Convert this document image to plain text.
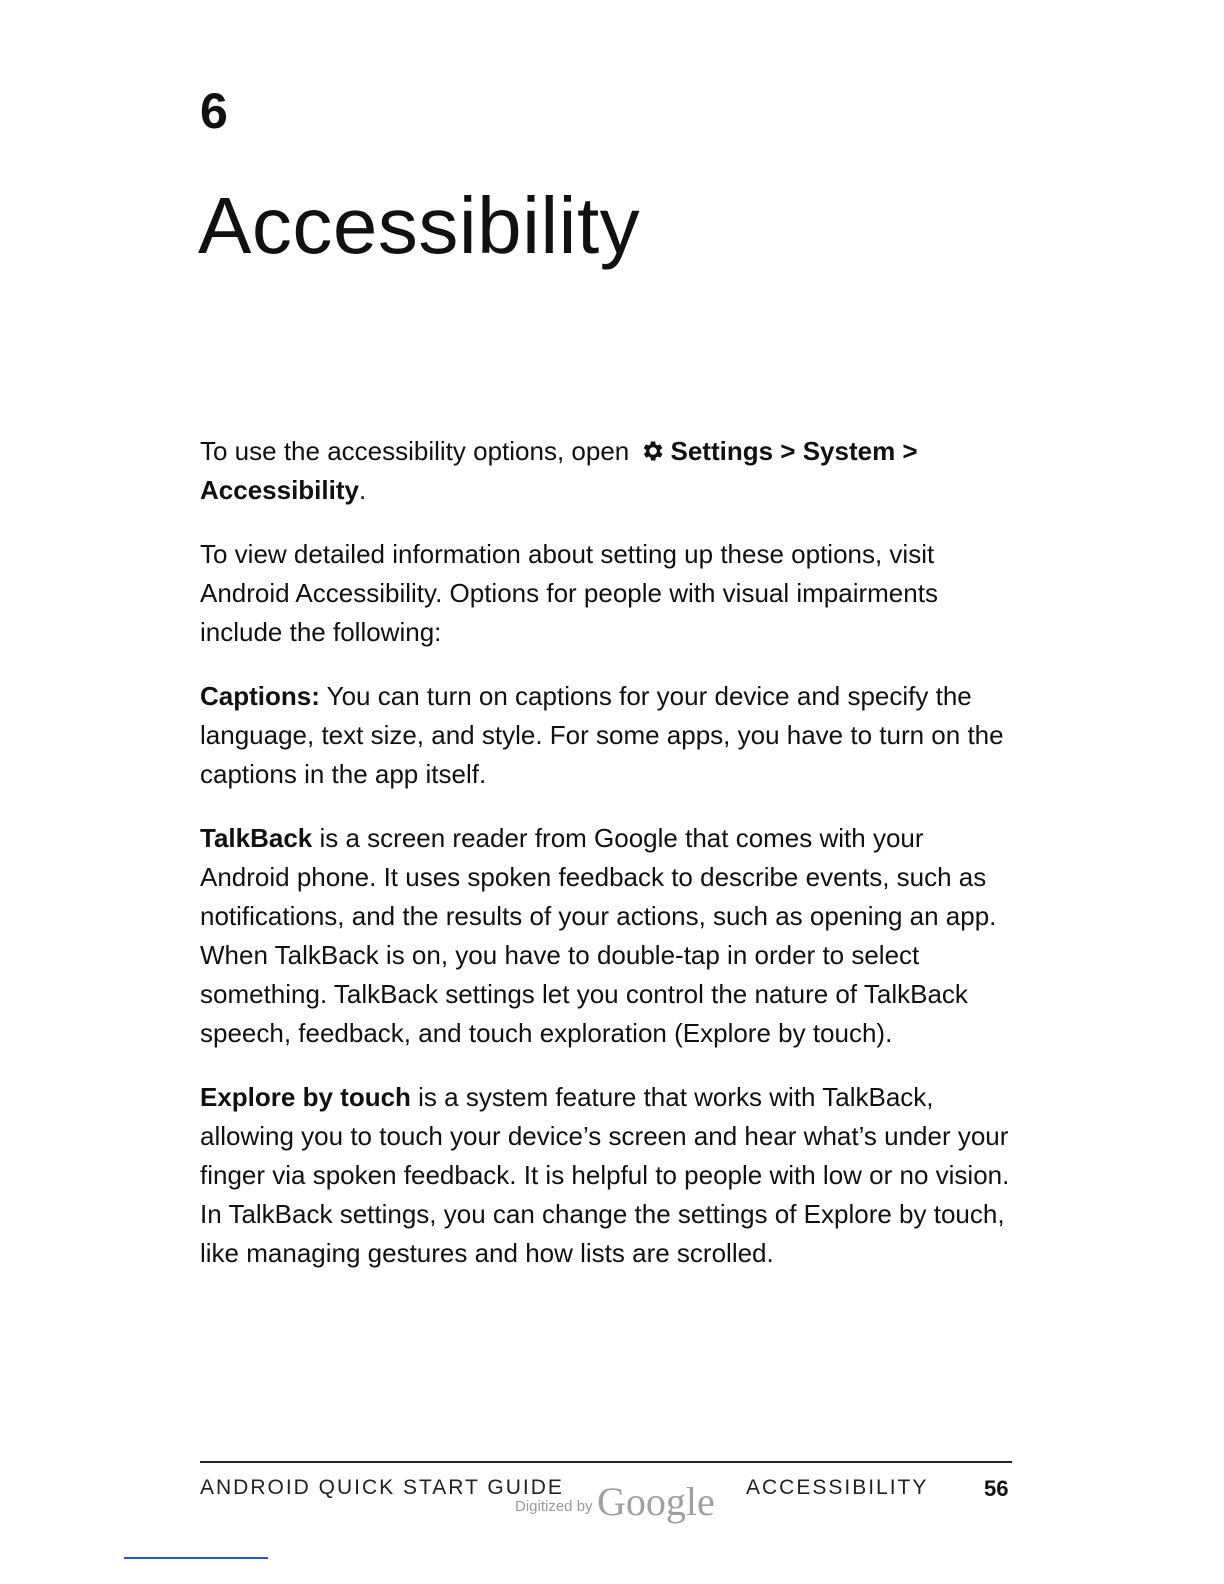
6
Accessibility

To use the accessibility options, open Settings > System > Accessibility.

To view detailed information about setting up these options, visit Android Accessibility. Options for people with visual impairments include the following:

Captions: You can turn on captions for your device and specify the language, text size, and style. For some apps, you have to turn on the captions in the app itself.

TalkBack is a screen reader from Google that comes with your Android phone. It uses spoken feedback to describe events, such as notifications, and the results of your actions, such as opening an app. When TalkBack is on, you have to double-tap in order to select something. TalkBack settings let you control the nature of TalkBack speech, feedback, and touch exploration (Explore by touch).

Explore by touch is a system feature that works with TalkBack, allowing you to touch your device’s screen and hear what’s under your finger via spoken feedback. It is helpful to people with low or no vision. In TalkBack settings, you can change the settings of Explore by touch, like managing gestures and how lists are scrolled.

ANDROID QUICK START GUIDE
Digitized by Google ACCESSIBILITY	56
